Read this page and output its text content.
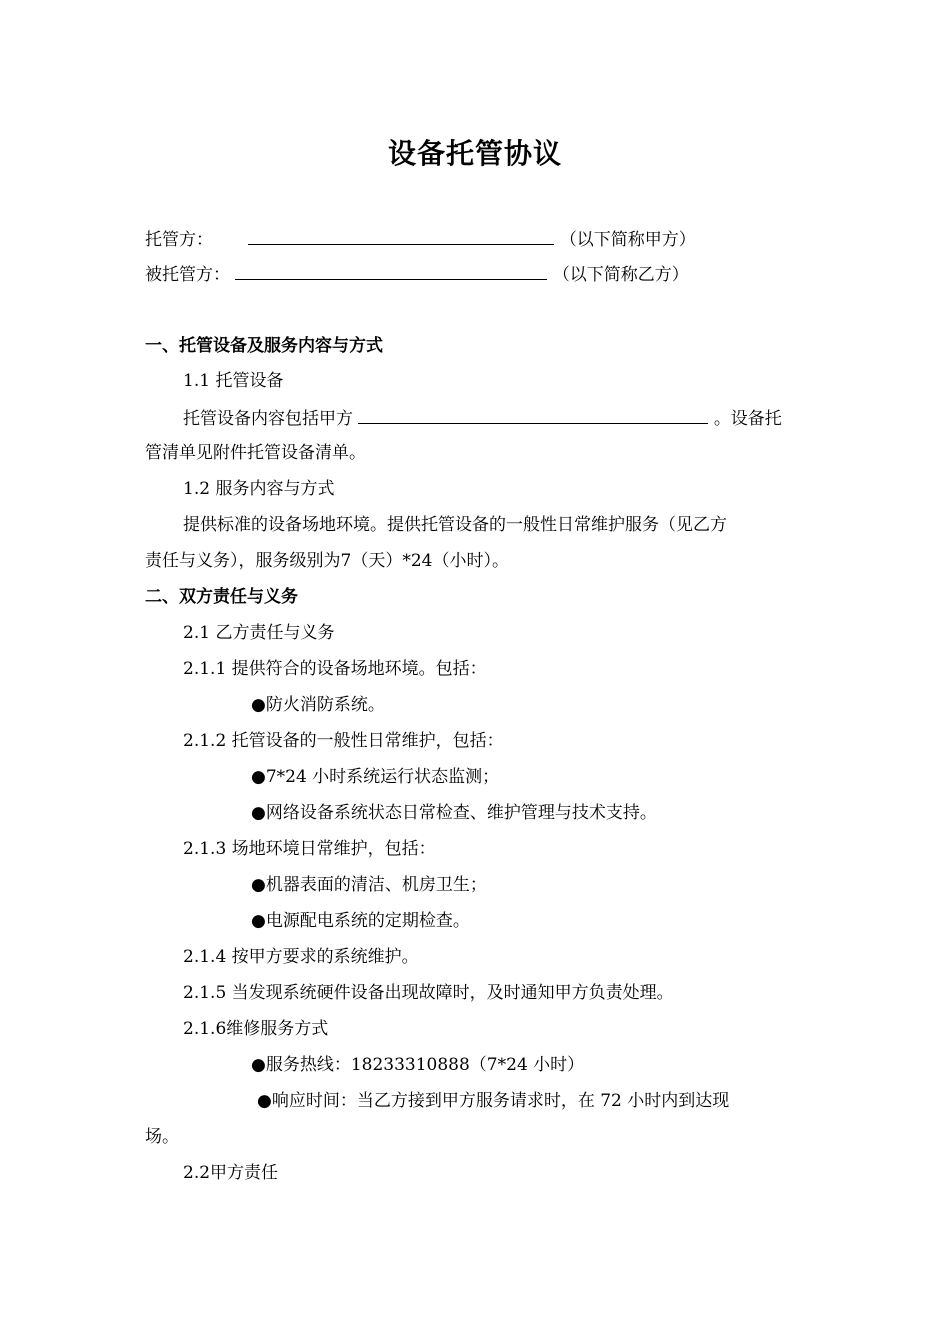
设备托管协议
托管方：	（以下简称甲方）
被托管方：	（以下简称乙方）
一、托管设备及服务内容与方式
1.1 托管设备
托管设备内容包括甲方	。设备托
管清单见附件托管设备清单。
1.2 服务内容与方式
提供标准的设备场地环境。提供托管设备的一般性日常维护服务（见乙方
责任与义务），服务级别为7（天）*24（小时）。
二、双方责任与义务
2.1 乙方责任与义务
2.1.1 提供符合的设备场地环境。包括：
●防火消防系统。
2.1.2 托管设备的一般性日常维护，包括：
●7*24 小时系统运行状态监测；
●网络设备系统状态日常检查、维护管理与技术支持。
2.1.3 场地环境日常维护，包括：
●机器表面的清洁、机房卫生；
●电源配电系统的定期检查。
2.1.4 按甲方要求的系统维护。
2.1.5 当发现系统硬件设备出现故障时，及时通知甲方负责处理。
2.1.6维修服务方式
●服务热线：18233310888（7*24 小时）
●响应时间：当乙方接到甲方服务请求时，在 72 小时内到达现
场。
2.2甲方责任
